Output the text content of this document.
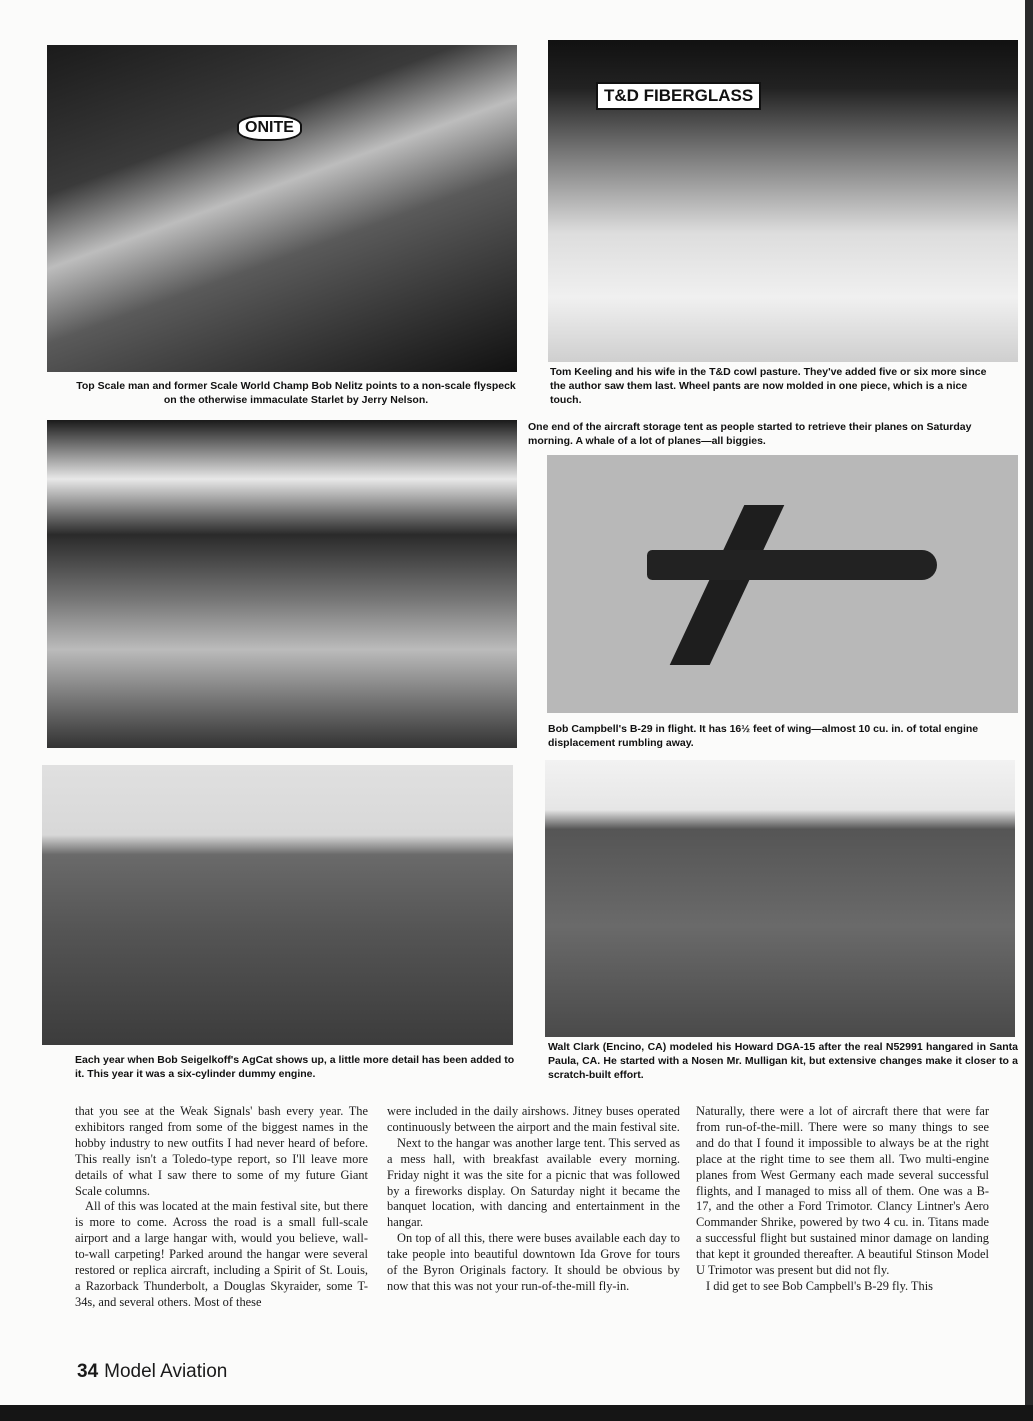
ONITE
T&D FIBERGLASS
Top Scale man and former Scale World Champ Bob Nelitz points to a non-scale flyspeck on the otherwise immaculate Starlet by Jerry Nelson.
Tom Keeling and his wife in the T&D cowl pasture. They've added five or six more since the author saw them last. Wheel pants are now molded in one piece, which is a nice touch.
One end of the aircraft storage tent as people started to retrieve their planes on Saturday morning. A whale of a lot of planes—all biggies.
Bob Campbell's B-29 in flight. It has 16½ feet of wing—almost 10 cu. in. of total engine displacement rumbling away.
Each year when Bob Seigelkoff's AgCat shows up, a little more detail has been added to it. This year it was a six-cylinder dummy engine.
Walt Clark (Encino, CA) modeled his Howard DGA-15 after the real N52991 hangared in Santa Paula, CA. He started with a Nosen Mr. Mulligan kit, but extensive changes make it closer to a scratch-built effort.

that you see at the Weak Signals' bash every year. The exhibitors ranged from some of the biggest names in the hobby industry to new outfits I had never heard of before. This really isn't a Toledo-type report, so I'll leave more details of what I saw there to some of my future Giant Scale columns.

All of this was located at the main festival site, but there is more to come. Across the road is a small full-scale airport and a large hangar with, would you believe, wall-to-wall carpeting! Parked around the hangar were several restored or replica aircraft, including a Spirit of St. Louis, a Razorback Thunderbolt, a Douglas Skyraider, some T-34s, and several others. Most of these

were included in the daily airshows. Jitney buses operated continuously between the airport and the main festival site.

Next to the hangar was another large tent. This served as a mess hall, with breakfast available every morning. Friday night it was the site for a picnic that was followed by a fireworks display. On Saturday night it became the banquet location, with dancing and entertainment in the hangar.

On top of all this, there were buses available each day to take people into beautiful downtown Ida Grove for tours of the Byron Originals factory. It should be obvious by now that this was not your run-of-the-mill fly-in.

Naturally, there were a lot of aircraft there that were far from run-of-the-mill. There were so many things to see and do that I found it impossible to always be at the right place at the right time to see them all. Two multi-engine planes from West Germany each made several successful flights, and I managed to miss all of them. One was a B-17, and the other a Ford Trimotor. Clancy Lintner's Aero Commander Shrike, powered by two 4 cu. in. Titans made a successful flight but sustained minor damage on landing that kept it grounded thereafter. A beautiful Stinson Model U Trimotor was present but did not fly.

I did get to see Bob Campbell's B-29 fly. This

34 Model Aviation
